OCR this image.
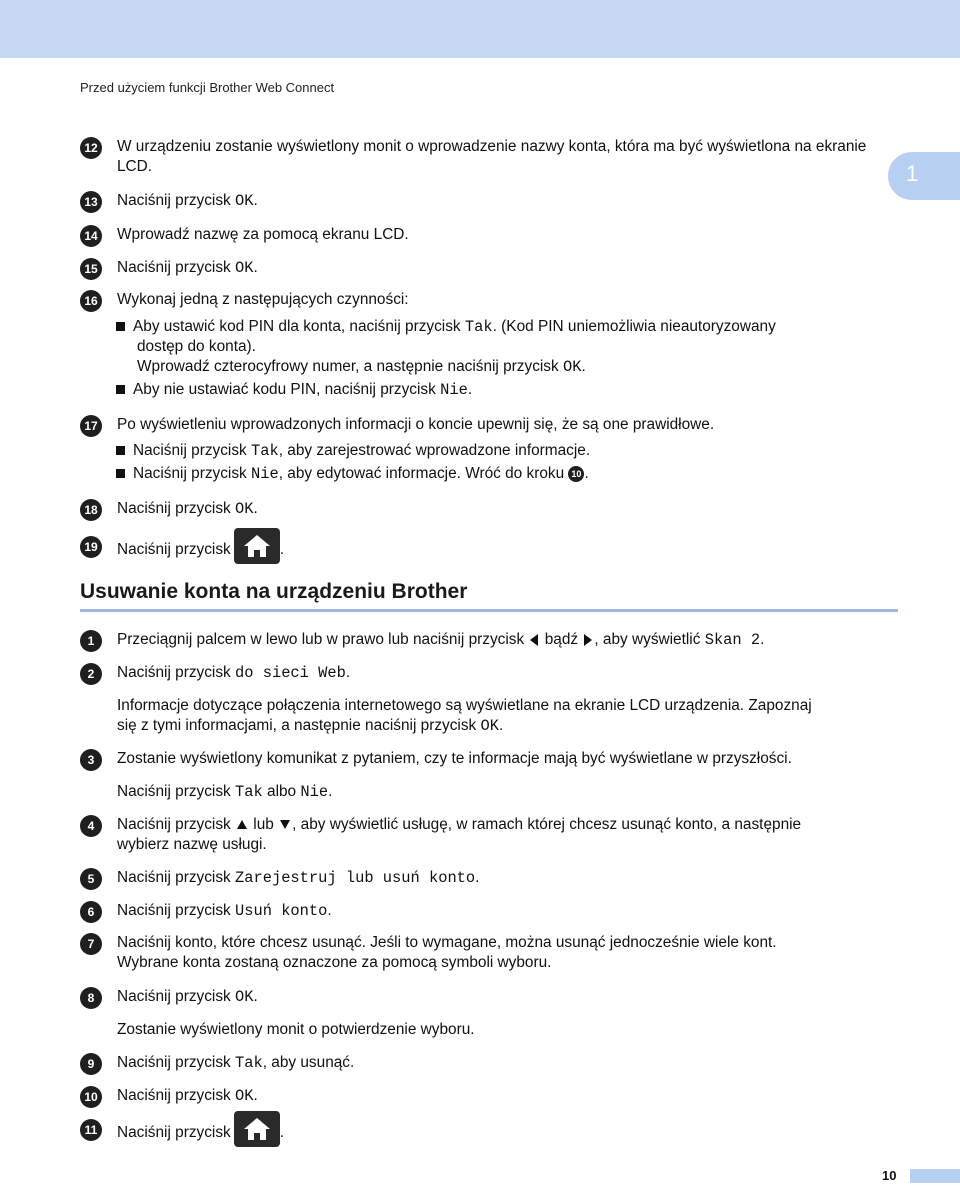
Przed użyciem funkcji Brother Web Connect
1
12 W urządzeniu zostanie wyświetlony monit o wprowadzenie nazwy konta, która ma być wyświetlona na ekranie LCD.
13 Naciśnij przycisk OK.
14 Wprowadź nazwę za pomocą ekranu LCD.
15 Naciśnij przycisk OK.
16 Wykonaj jedną z następujących czynności:
Aby ustawić kod PIN dla konta, naciśnij przycisk Tak. (Kod PIN uniemożliwia nieautoryzowany
dostęp do konta).
Wprowadź czterocyfrowy numer, a następnie naciśnij przycisk OK.
Aby nie ustawiać kodu PIN, naciśnij przycisk Nie.
17 Po wyświetleniu wprowadzonych informacji o koncie upewnij się, że są one prawidłowe.
Naciśnij przycisk Tak, aby zarejestrować wprowadzone informacje.
Naciśnij przycisk Nie, aby edytować informacje. Wróć do kroku 10 .
18 Naciśnij przycisk OK.
19 Naciśnij przycisk	.
Usuwanie konta na urządzeniu Brother
1	Przeciągnij palcem w lewo lub w prawo lub naciśnij przycisk  bądź , aby wyświetlić Skan 2.
2	Naciśnij przycisk do sieci Web.
Informacje dotyczące połączenia internetowego są wyświetlane na ekranie LCD urządzenia. Zapoznaj
się z tymi informacjami, a następnie naciśnij przycisk OK.
3	Zostanie wyświetlony komunikat z pytaniem, czy te informacje mają być wyświetlane w przyszłości.
Naciśnij przycisk Tak albo Nie.
4	Naciśnij przycisk  lub , aby wyświetlić usługę, w ramach której chcesz usunąć konto, a następnie
wybierz nazwę usługi.
5	Naciśnij przycisk Zarejestruj lub usuń konto.
6	Naciśnij przycisk Usuń konto.
7	Naciśnij konto, które chcesz usunąć. Jeśli to wymagane, można usunąć jednocześnie wiele kont.
Wybrane konta zostaną oznaczone za pomocą symboli wyboru.
8	Naciśnij przycisk OK.
Zostanie wyświetlony monit o potwierdzenie wyboru.
9	Naciśnij przycisk Tak, aby usunąć.
10 Naciśnij przycisk OK.
11	Naciśnij przycisk	.
10
